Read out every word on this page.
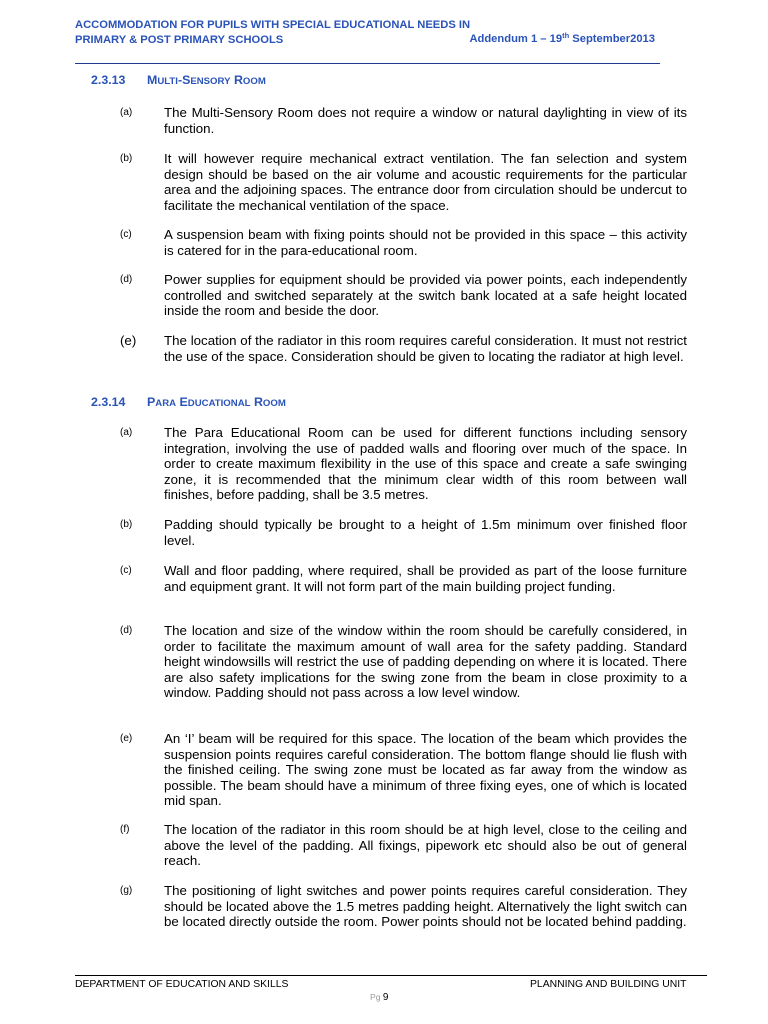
ACCOMMODATION FOR PUPILS WITH SPECIAL EDUCATIONAL NEEDS IN
PRIMARY & POST PRIMARY SCHOOLS	Addendum 1 – 19th September2013
2.3.13 MULTI-SENSORY ROOM
(a) The Multi-Sensory Room does not require a window or natural daylighting in view of its function.
(b) It will however require mechanical extract ventilation. The fan selection and system design should be based on the air volume and acoustic requirements for the particular area and the adjoining spaces. The entrance door from circulation should be undercut to facilitate the mechanical ventilation of the space.
(c) A suspension beam with fixing points should not be provided in this space – this activity is catered for in the para-educational room.
(d) Power supplies for equipment should be provided via power points, each independently controlled and switched separately at the switch bank located at a safe height located inside the room and beside the door.
(e) The location of the radiator in this room requires careful consideration. It must not restrict the use of the space. Consideration should be given to locating the radiator at high level.
2.3.14 PARA EDUCATIONAL ROOM
(a) The Para Educational Room can be used for different functions including sensory integration, involving the use of padded walls and flooring over much of the space. In order to create maximum flexibility in the use of this space and create a safe swinging zone, it is recommended that the minimum clear width of this room between wall finishes, before padding, shall be 3.5 metres.
(b) Padding should typically be brought to a height of 1.5m minimum over finished floor level.
(c) Wall and floor padding, where required, shall be provided as part of the loose furniture and equipment grant. It will not form part of the main building project funding.
(d) The location and size of the window within the room should be carefully considered, in order to facilitate the maximum amount of wall area for the safety padding. Standard height windowsills will restrict the use of padding depending on where it is located. There are also safety implications for the swing zone from the beam in close proximity to a window. Padding should not pass across a low level window.
(e) An ‘I’ beam will be required for this space. The location of the beam which provides the suspension points requires careful consideration. The bottom flange should lie flush with the finished ceiling. The swing zone must be located as far away from the window as possible. The beam should have a minimum of three fixing eyes, one of which is located mid span.
(f)	The location of the radiator in this room should be at high level, close to the ceiling and above the level of the padding. All fixings, pipework etc should also be out of general reach.
(g) The positioning of light switches and power points requires careful consideration. They should be located above the 1.5 metres padding height. Alternatively the light switch can be located directly outside the room. Power points should not be located behind padding.
DEPARTMENT OF EDUCATION AND SKILLS	PLANNING AND BUILDING UNIT
Pg 9
